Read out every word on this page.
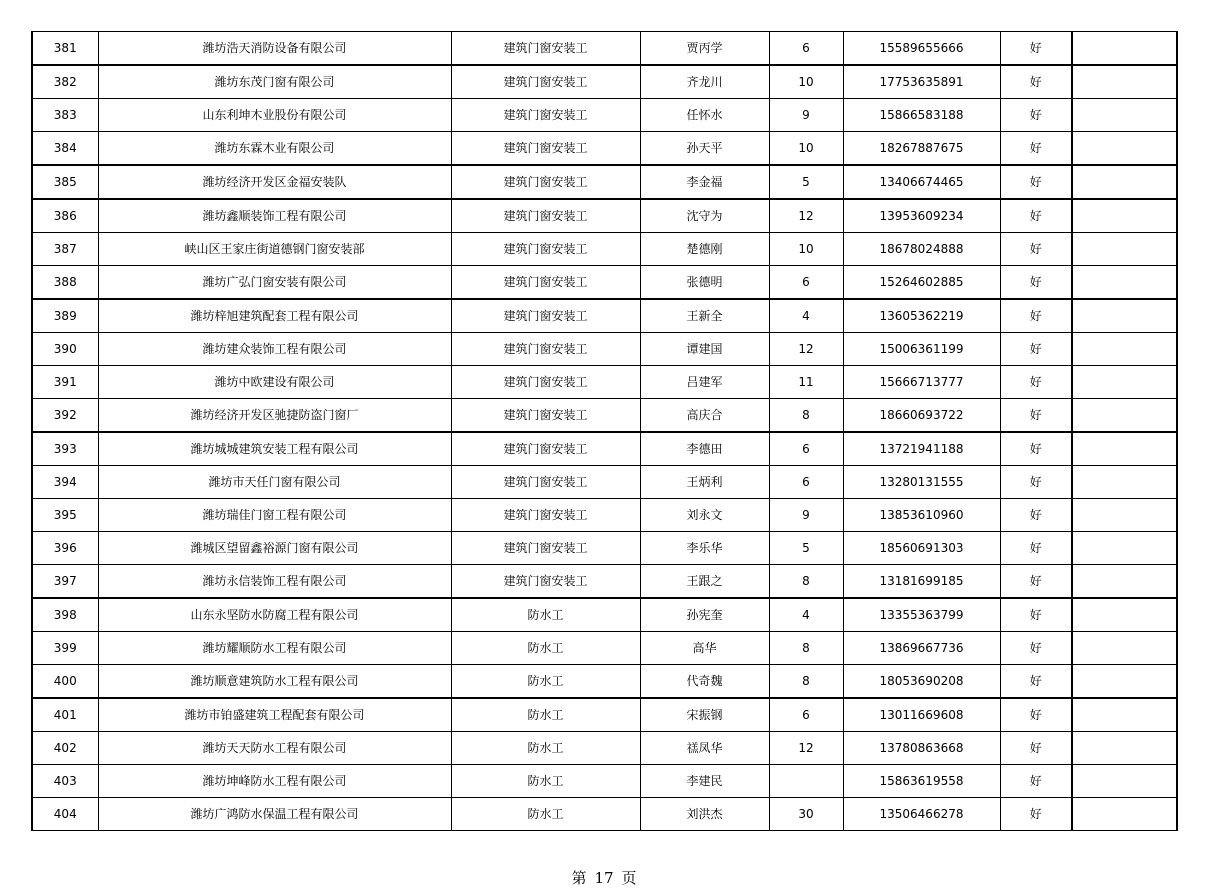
381	潍坊浩天消防设备有限公司	建筑门窗安装工	贾丙学	6	15589655666	好	
382	潍坊东茂门窗有限公司	建筑门窗安装工	齐龙川	10	17753635891	好	
383	山东利坤木业股份有限公司	建筑门窗安装工	任怀水	9	15866583188	好	
384	潍坊东霖木业有限公司	建筑门窗安装工	孙天平	10	18267887675	好	
385	潍坊经济开发区金福安装队	建筑门窗安装工	李金福	5	13406674465	好	
386	潍坊鑫顺装饰工程有限公司	建筑门窗安装工	沈守为	12	13953609234	好	
387	峡山区王家庄街道德钢门窗安装部	建筑门窗安装工	楚德刚	10	18678024888	好	
388	潍坊广弘门窗安装有限公司	建筑门窗安装工	张德明	6	15264602885	好	
389	潍坊梓旭建筑配套工程有限公司	建筑门窗安装工	王新全	4	13605362219	好	
390	潍坊建众装饰工程有限公司	建筑门窗安装工	谭建国	12	15006361199	好	
391	潍坊中欧建设有限公司	建筑门窗安装工	吕建军	11	15666713777	好	
392	潍坊经济开发区驰捷防盗门窗厂	建筑门窗安装工	高庆合	8	18660693722	好	
393	潍坊城城建筑安装工程有限公司	建筑门窗安装工	李德田	6	13721941188	好	
394	潍坊市天任门窗有限公司	建筑门窗安装工	王炳利	6	13280131555	好	
395	潍坊瑞佳门窗工程有限公司	建筑门窗安装工	刘永文	9	13853610960	好	
396	潍城区望留鑫裕源门窗有限公司	建筑门窗安装工	李乐华	5	18560691303	好	
397	潍坊永信装饰工程有限公司	建筑门窗安装工	王跟之	8	13181699185	好	
398	山东永坚防水防腐工程有限公司	防水工	孙宪奎	4	13355363799	好	
399	潍坊耀顺防水工程有限公司	防水工	高华	8	13869667736	好	
400	潍坊顺意建筑防水工程有限公司	防水工	代奇魏	8	18053690208	好	
401	潍坊市铂盛建筑工程配套有限公司	防水工	宋振钢	6	13011669608	好	
402	潍坊天天防水工程有限公司	防水工	禚凤华	12	13780863668	好	
403	潍坊坤峰防水工程有限公司	防水工	李建民		15863619558	好	
404	潍坊广鸿防水保温工程有限公司	防水工	刘洪杰	30	13506466278	好	
第 17 页
